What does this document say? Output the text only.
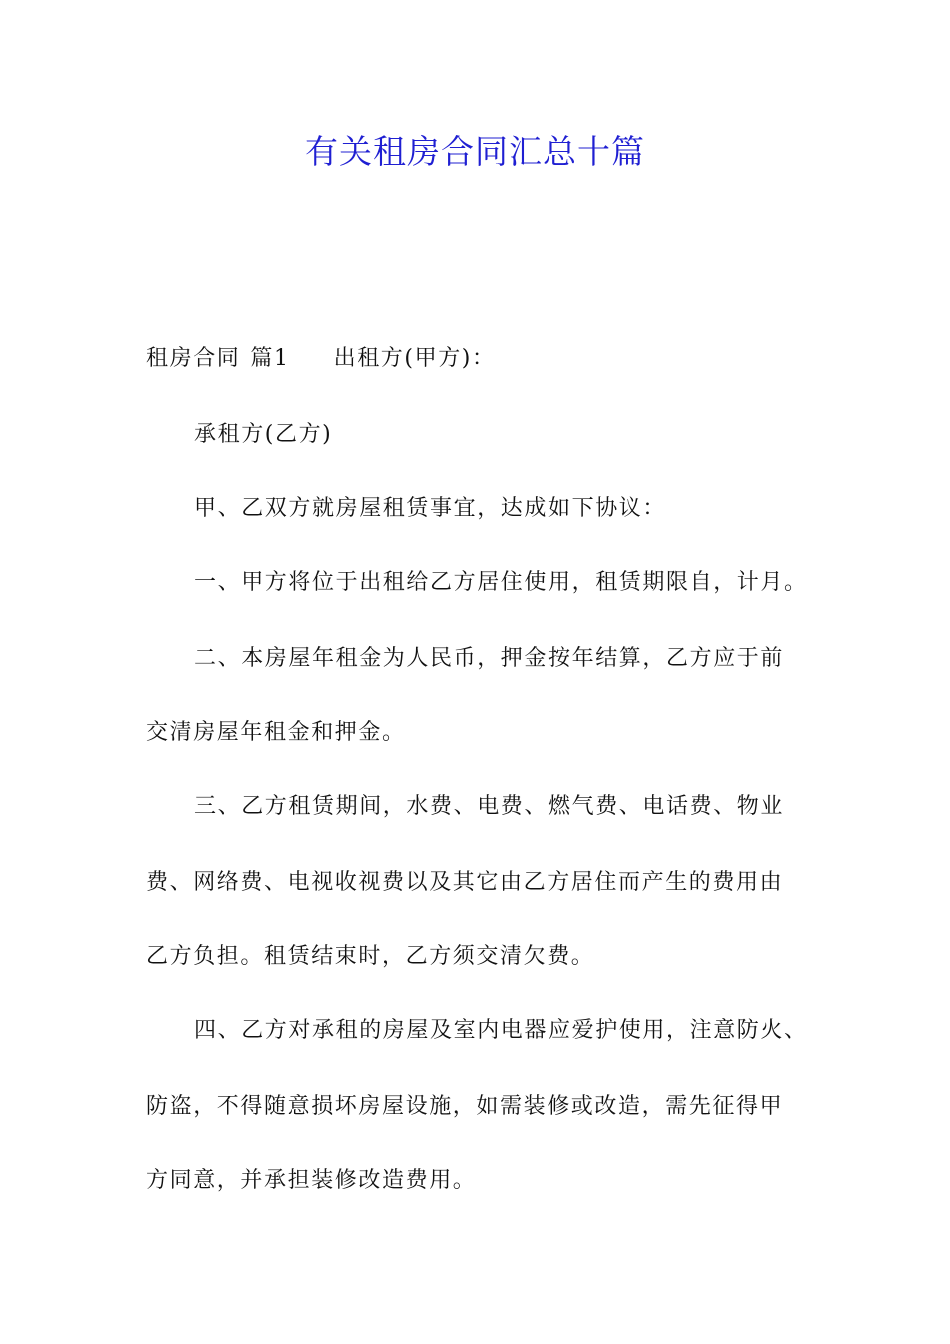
有关租房合同汇总十篇
租房合同 篇1 出租方(甲方)：
承租方(乙方)
甲、乙双方就房屋租赁事宜，达成如下协议：
一、甲方将位于出租给乙方居住使用，租赁期限自，计月。
二、本房屋年租金为人民币，押金按年结算，乙方应于前
交清房屋年租金和押金。
三、乙方租赁期间，水费、电费、燃气费、电话费、物业
费、网络费、电视收视费以及其它由乙方居住而产生的费用由
乙方负担。租赁结束时，乙方须交清欠费。
四、乙方对承租的房屋及室内电器应爱护使用，注意防火、
防盗，不得随意损坏房屋设施，如需装修或改造，需先征得甲
方同意，并承担装修改造费用。
